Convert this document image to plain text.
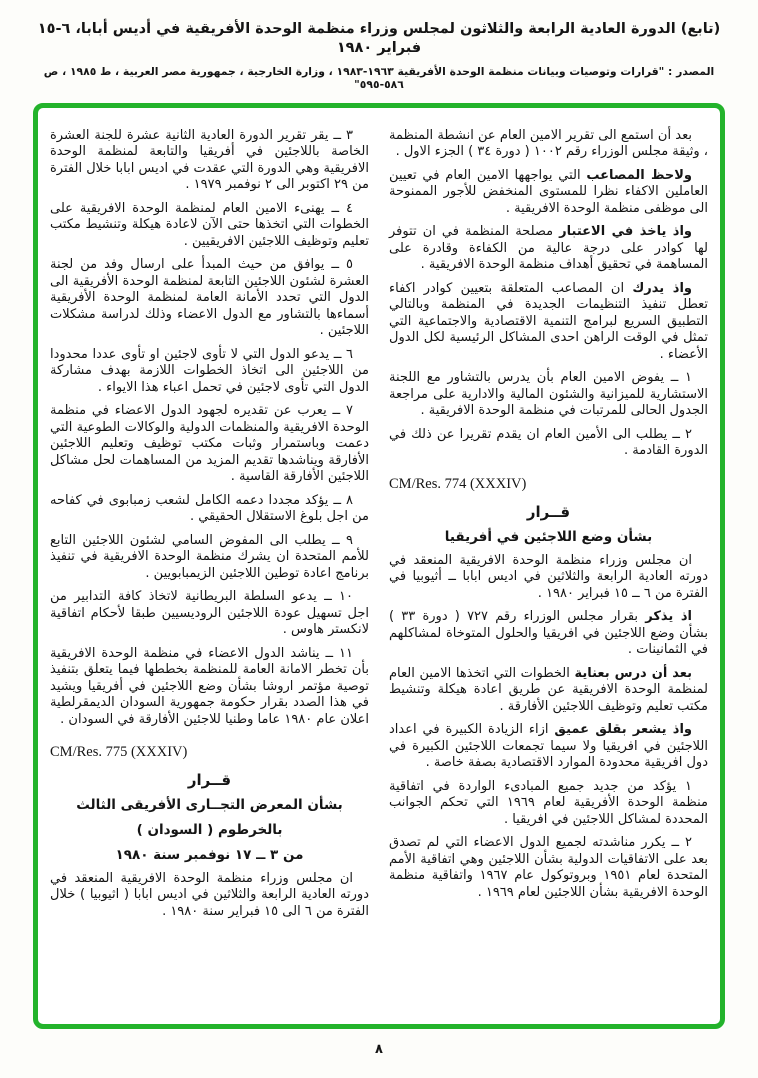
(تابع) الدورة العادية الرابعة والثلاثون لمجلس وزراء منظمة الوحدة الأفريقية في أديس أبابا، ٦-١٥ فبراير ١٩٨٠
المصدر : "قرارات وتوصيات وبيانات منظمة الوحدة الأفريقية ١٩٦٣-١٩٨٣ ، وزارة الخارجية ، جمهورية مصر العربية ، ط ١٩٨٥ ، ص ٥٨٦-٥٩٥"

بعد أن استمع الى تقرير الامين العام عن انشطة المنظمة ، وثيقة مجلس الوزراء رقم ١٠٠٢ ( دورة ٣٤ ) الجزء الاول .

ولاحظ المصاعب التي يواجهها الامين العام في تعيين العاملين الاكفاء نظرا للمستوى المنخفض للأجور الممنوحة الى موظفى منظمة الوحدة الافريقية .

واذ ياخذ في الاعتبار مصلحة المنظمة في ان تتوفر لها كوادر على درجة عالية من الكفاءة وقادرة على المساهمة في تحقيق أهداف منظمة الوحدة الافريقية .

واذ يدرك ان المصاعب المتعلقة بتعيين كوادر اكفاء تعطل تنفيذ التنظيمات الجديدة في المنظمة وبالتالي التطبيق السريع لبرامج التنمية الاقتصادية والاجتماعية التي تمثل في الوقت الراهن احدى المشاكل الرئيسية لكل الدول الأعضاء .

١ ــ يفوض الامين العام بأن يدرس بالتشاور مع اللجنة الاستشارية للميزانية والشئون المالية والادارية على مراجعة الجدول الحالى للمرتبات في منظمة الوحدة الافريقية .

٢ ــ يطلب الى الأمين العام ان يقدم تقريرا عن ذلك في الدورة القادمة .

CM/Res. 774 (XXXIV)

قــرار

بشأن وضع اللاجئين في أفريقيا

ان مجلس وزراء منظمة الوحدة الافريقية المنعقد في دورته العادية الرابعة والثلاثين في اديس ابابا ــ أثيوبيا في الفترة من ٦ ــ ١٥ فبراير ١٩٨٠ .

اذ يذكر بقرار مجلس الوزراء رقم ٧٢٧ ( دورة ٣٣ ) بشأن وضع اللاجئين في افريقيا والحلول المتوخاة لمشاكلهم في الثمانينات .

بعد أن درس بعناية الخطوات التي اتخذها الامين العام لمنظمة الوحدة الافريقية عن طريق اعادة هيكلة وتنشيط مكتب تعليم وتوظيف اللاجئين الأفارقة .

واذ يشعر بقلق عميق ازاء الزيادة الكبيرة في اعداد اللاجئين في افريقيا ولا سيما تجمعات اللاجئين الكبيرة في دول افريقية محدودة الموارد الاقتصادية بصفة خاصة .

١ يؤكد من جديد جميع المبادىء الواردة في اتفاقية منظمة الوحدة الأفريقية لعام ١٩٦٩ التي تحكم الجوانب المحددة لمشاكل اللاجئين في افريقيا .

٢ ــ يكرر مناشدته لجميع الدول الاعضاء التي لم تصدق بعد على الاتفاقيات الدولية بشأن اللاجئين وهي اتفاقية الأمم المتحدة لعام ١٩٥١ وبروتوكول عام ١٩٦٧ واتفاقية منظمة الوحدة الافريقية بشأن اللاجئين لعام ١٩٦٩ .

٣ ــ يقر تقرير الدورة العادية الثانية عشرة للجنة العشرة الخاصة باللاجئين في أفريقيا والتابعة لمنظمة الوحدة الافريقية وهي الدورة التي عقدت في اديس ابابا خلال الفترة من ٢٩ اكتوبر الى ٢ نوفمبر ١٩٧٩ .

٤ ــ يهنىء الامين العام لمنظمة الوحدة الافريقية على الخطوات التي اتخذها حتى الآن لاعادة هيكلة وتنشيط مكتب تعليم وتوظيف اللاجئين الافريقيين .

٥ ــ يوافق من حيث المبدأ على ارسال وفد من لجنة العشرة لشئون اللاجئين التابعة لمنظمة الوحدة الأفريقية الى الدول التي تحدد الأمانة العامة لمنظمة الوحدة الأفريقية أسماءها بالتشاور مع الدول الاعضاء وذلك لدراسة مشكلات اللاجئين .

٦ ــ يدعو الدول التي لا تأوى لاجئين او تأوى عددا محدودا من اللاجئين الى اتخاذ الخطوات اللازمة بهدف مشاركة الدول التي تأوى لاجئين في تحمل اعباء هذا الايواء .

٧ ــ يعرب عن تقديره لجهود الدول الاعضاء في منظمة الوحدة الافريقية والمنظمات الدولية والوكالات الطوعية التي دعمت وباستمرار وثبات مكتب توظيف وتعليم اللاجئين الأفارقة ويناشدها تقديم المزيد من المساهمات لحل مشاكل اللاجئين الأفارقة القاسية .

٨ ــ يؤكد مجددا دعمه الكامل لشعب زمبابوى في كفاحه من اجل بلوغ الاستقلال الحقيقي .

٩ ــ يطلب الى المفوض السامي لشئون اللاجئين التابع للأمم المتحدة ان يشرك منظمة الوحدة الافريقية في تنفيذ برنامج اعادة توطين اللاجئين الزيمبابويين .

١٠ ــ يدعو السلطة البريطانية لاتخاذ كافة التدابير من اجل تسهيل عودة اللاجئين الروديسيين طبقا لأحكام اتفاقية لانكستر هاوس .

١١ ــ يناشد الدول الاعضاء في منظمة الوحدة الافريقية بأن تخطر الامانة العامة للمنظمة بخططها فيما يتعلق بتنفيذ توصية مؤتمر اروشا بشأن وضع اللاجئين في أفريقيا ويشيد في هذا الصدد بقرار حكومة جمهورية السودان الديمقرلطية اعلان عام ١٩٨٠ عاما وطنيا للاجئين الأفارقة في السودان .

CM/Res. 775 (XXXIV)

قــرار

بشأن المعرض التجــارى الأفريقى الثالث

بالخرطوم ( السودان )

من ٣ ــ ١٧ نوفمبر سنة ١٩٨٠

ان مجلس وزراء منظمة الوحدة الافريقية المنعقد في دورته العادية الرابعة والثلاثين في اديس ابابا ( اثيوبيا ) خلال الفترة من ٦ الى ١٥ فبراير سنة ١٩٨٠ .

٨
